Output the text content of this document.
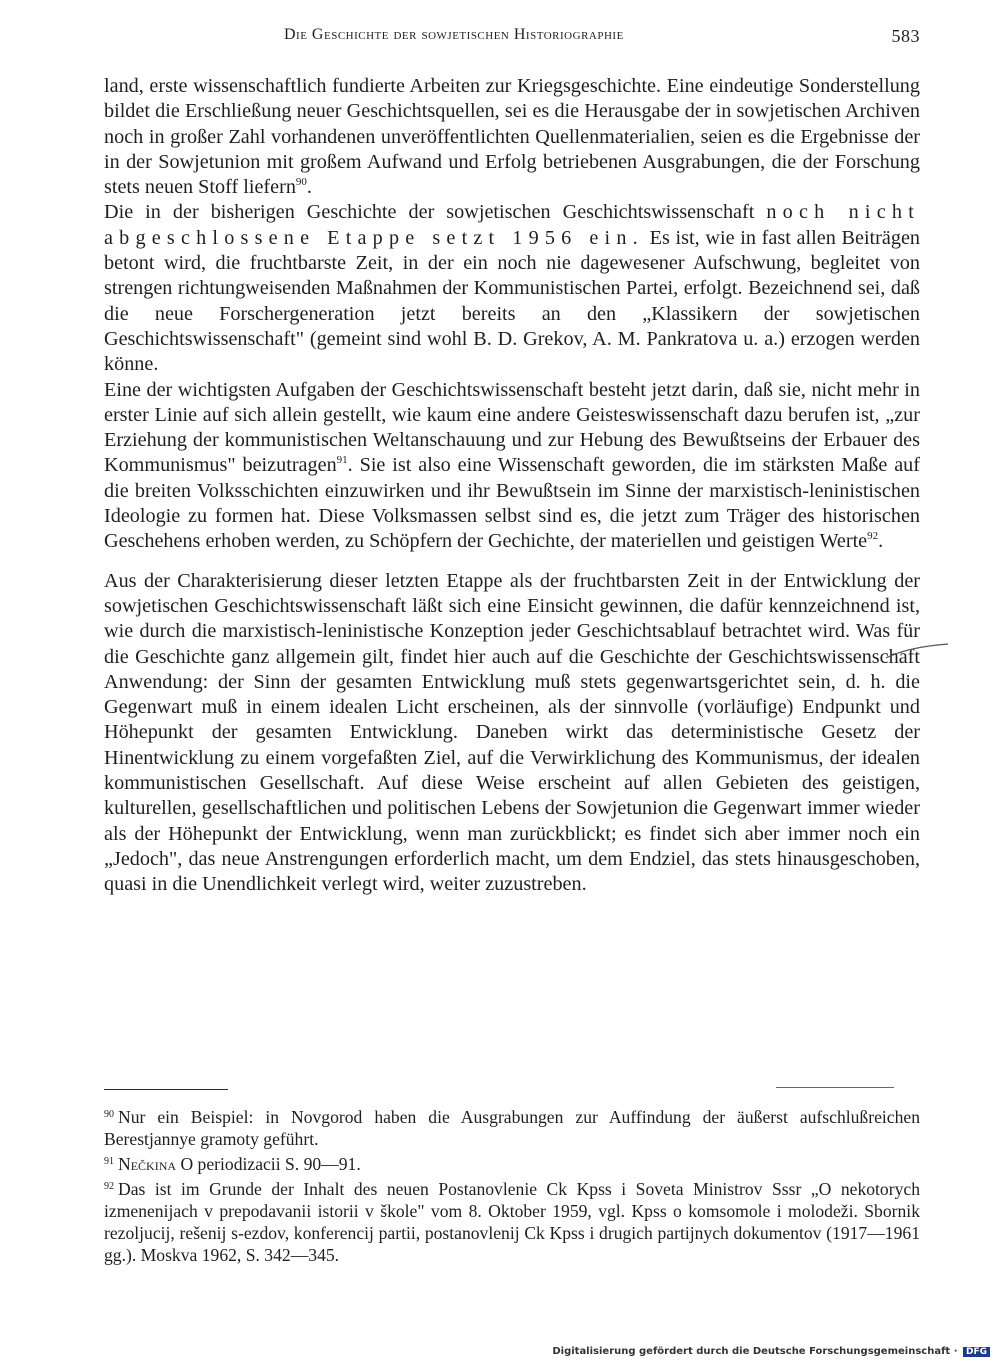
Die Geschichte der sowjetischen Historiographie	583

land, erste wissenschaftlich fundierte Arbeiten zur Kriegsgeschichte. Eine eindeutige Sonderstellung bildet die Erschließung neuer Geschichtsquellen, sei es die Herausgabe der in sowjetischen Archiven noch in großer Zahl vorhandenen unveröffentlichten Quellenmaterialien, seien es die Ergebnisse der in der Sowjetunion mit großem Aufwand und Erfolg betriebenen Ausgrabungen, die der Forschung stets neuen Stoff liefern$^{90}$.

Die in der bisherigen Geschichte der sowjetischen Geschichtswissenschaft noch nicht abgeschlossene Etappe setzt 1956 ein. Es ist, wie in fast allen Beiträgen betont wird, die fruchtbarste Zeit, in der ein noch nie dagewesener Aufschwung, begleitet von strengen richtungweisenden Maßnahmen der Kommunistischen Partei, erfolgt. Bezeichnend sei, daß die neue Forschergeneration jetzt bereits an den „Klassikern der sowjetischen Geschichtswissenschaft" (gemeint sind wohl B. D. Grekov, A. M. Pankratova u. a.) erzogen werden könne.

Eine der wichtigsten Aufgaben der Geschichtswissenschaft besteht jetzt darin, daß sie, nicht mehr in erster Linie auf sich allein gestellt, wie kaum eine andere Geisteswissenschaft dazu berufen ist, „zur Erziehung der kommunistischen Weltanschauung und zur Hebung des Bewußtseins der Erbauer des Kommunismus" beizutragen$^{91}$. Sie ist also eine Wissenschaft geworden, die im stärksten Maße auf die breiten Volksschichten einzuwirken und ihr Bewußtsein im Sinne der marxistisch-leninistischen Ideologie zu formen hat. Diese Volksmassen selbst sind es, die jetzt zum Träger des historischen Geschehens erhoben werden, zu Schöpfern der Gechichte, der materiellen und geistigen Werte$^{92}$.

Aus der Charakterisierung dieser letzten Etappe als der fruchtbarsten Zeit in der Entwicklung der sowjetischen Geschichtswissenschaft läßt sich eine Einsicht gewinnen, die dafür kennzeichnend ist, wie durch die marxistisch-leninistische Konzeption jeder Geschichtsablauf betrachtet wird. Was für die Geschichte ganz allgemein gilt, findet hier auch auf die Geschichte der Geschichtswissenschaft Anwendung: der Sinn der gesamten Entwicklung muß stets gegenwartsgerichtet sein, d. h. die Gegenwart muß in einem idealen Licht erscheinen, als der sinnvolle (vorläufige) Endpunkt und Höhepunkt der gesamten Entwicklung. Daneben wirkt das deterministische Gesetz der Hinentwicklung zu einem vorgefaßten Ziel, auf die Verwirklichung des Kommunismus, der idealen kommunistischen Gesellschaft. Auf diese Weise erscheint auf allen Gebieten des geistigen, kulturellen, gesellschaftlichen und politischen Lebens der Sowjetunion die Gegenwart immer wieder als der Höhepunkt der Entwicklung, wenn man zurückblickt; es findet sich aber immer noch ein „Jedoch", das neue Anstrengungen erforderlich macht, um dem Endziel, das stets hinausgeschoben, quasi in die Unendlichkeit verlegt wird, weiter zuzustreben.

$^{90}$ Nur ein Beispiel: in Novgorod haben die Ausgrabungen zur Auffindung der äußerst aufschlußreichen Berestjannye gramoty geführt.

$^{91}$ Nečkina O periodizacii S. 90—91.

$^{92}$ Das ist im Grunde der Inhalt des neuen Postanovlenie Ck Kpss i Soveta Ministrov Sssr „O nekotorych izmenenijach v prepodavanii istorii v škole" vom 8. Oktober 1959, vgl. Kpss o komsomole i molodeži. Sbornik rezoljucij, rešenij s-ezdov, konferencij partii, postanovlenij Ck Kpss i drugich partijnych dokumentov (1917—1961 gg.). Moskva 1962, S. 342—345.

Digitalisierung gefördert durch die Deutsche Forschungsgemeinschaft · DFG
